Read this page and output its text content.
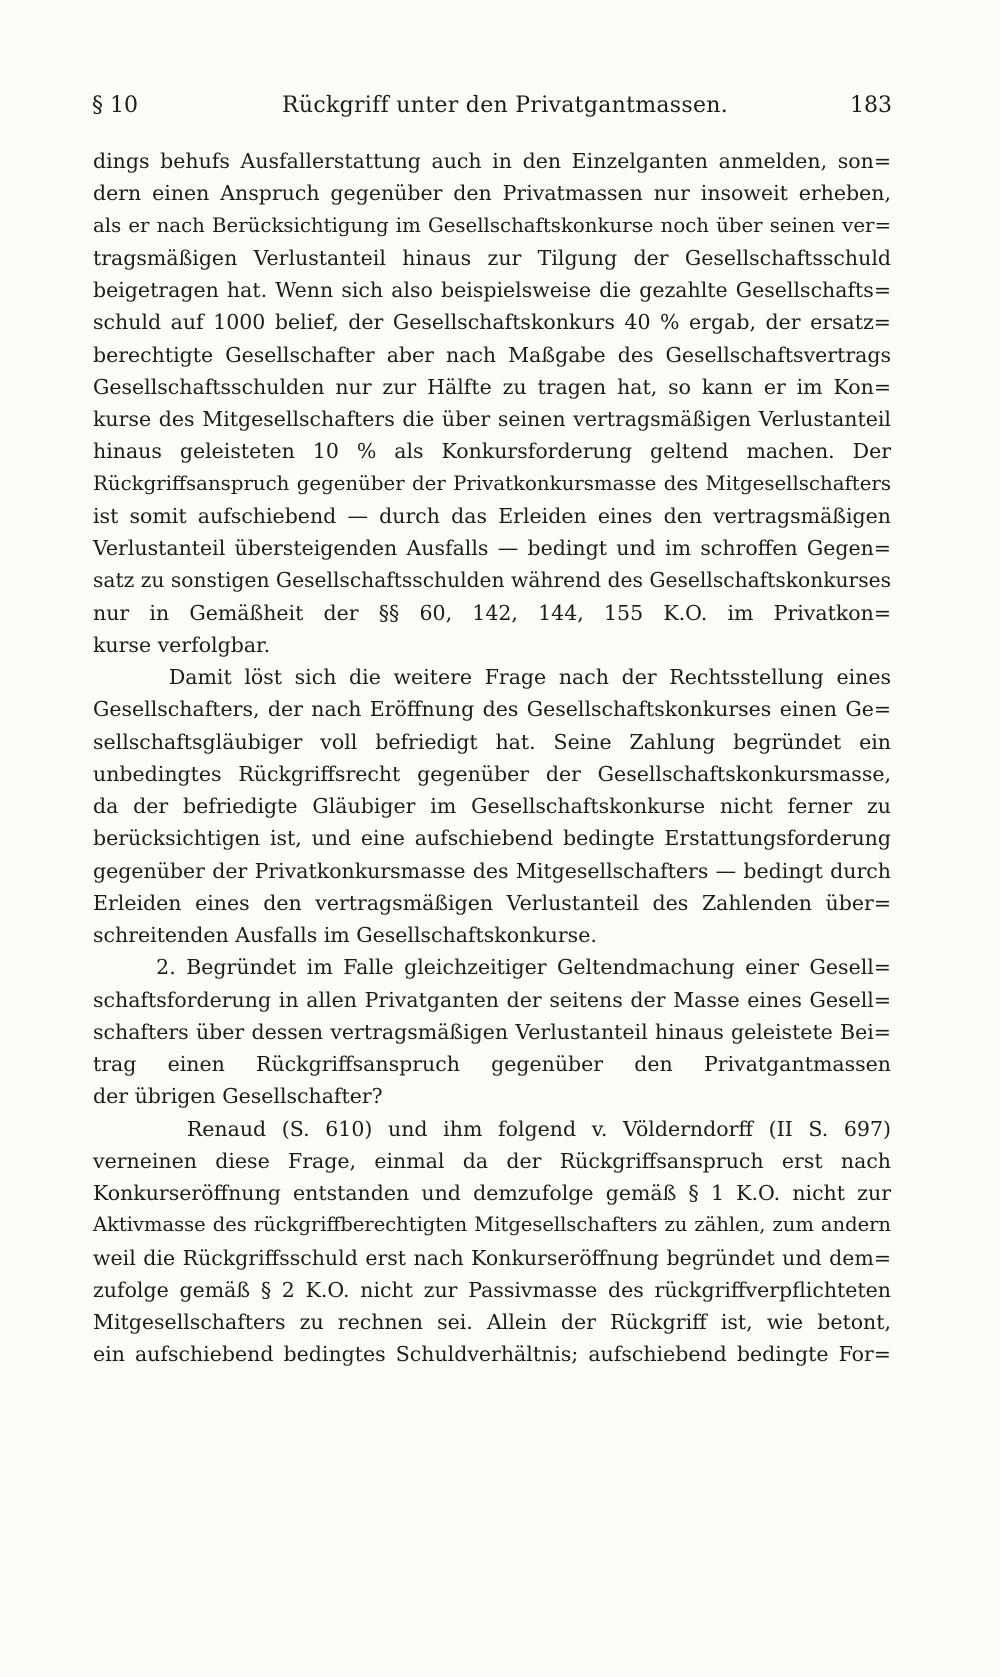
§ 10	Rückgriff unter den Privatgantmassen.	183
dings behufs Ausfallerstattung auch in den Einzelganten anmelden, son=
dern einen Anspruch gegenüber den Privatmassen nur insoweit erheben,
als er nach Berücksichtigung im Gesellschaftskonkurse noch über seinen ver=
tragsmäßigen Verlustanteil hinaus zur Tilgung der Gesellschaftsschuld
beigetragen hat. Wenn sich also beispielsweise die gezahlte Gesellschafts=
schuld auf 1000 belief, der Gesellschaftskonkurs 40 % ergab, der ersatz=
berechtigte Gesellschafter aber nach Maßgabe des Gesellschaftsvertrags
Gesellschaftsschulden nur zur Hälfte zu tragen hat, so kann er im Kon=
kurse des Mitgesellschafters die über seinen vertragsmäßigen Verlustanteil
hinaus geleisteten 10 % als Konkursforderung geltend machen. Der
Rückgriffsanspruch gegenüber der Privatkonkursmasse des Mitgesellschafters
ist somit aufschiebend — durch das Erleiden eines den vertragsmäßigen
Verlustanteil übersteigenden Ausfalls — bedingt und im schroffen Gegen=
satz zu sonstigen Gesellschaftsschulden während des Gesellschaftskonkurses
nur in Gemäßheit der §§ 60, 142, 144, 155 K.O. im Privatkon=
kurse verfolgbar.
Damit löst sich die weitere Frage nach der Rechtsstellung eines
Gesellschafters, der nach Eröffnung des Gesellschaftskonkurses einen Ge=
sellschaftsgläubiger voll befriedigt hat. Seine Zahlung begründet ein
unbedingtes Rückgriffsrecht gegenüber der Gesellschaftskonkursmasse,
da der befriedigte Gläubiger im Gesellschaftskonkurse nicht ferner zu
berücksichtigen ist, und eine aufschiebend bedingte Erstattungsforderung
gegenüber der Privatkonkursmasse des Mitgesellschafters — bedingt durch
Erleiden eines den vertragsmäßigen Verlustanteil des Zahlenden über=
schreitenden Ausfalls im Gesellschaftskonkurse.
2. Begründet im Falle gleichzeitiger Geltendmachung einer Gesell=
schaftsforderung in allen Privatganten der seitens der Masse eines Gesell=
schafters über dessen vertragsmäßigen Verlustanteil hinaus geleistete Bei=
trag einen Rückgriffsanspruch gegenüber den Privatgantmassen
der übrigen Gesellschafter?
Renaud (S. 610) und ihm folgend v. Völderndorff (II S. 697)
verneinen diese Frage, einmal da der Rückgriffsanspruch erst nach
Konkurseröffnung entstanden und demzufolge gemäß § 1 K.O. nicht zur
Aktivmasse des rückgriffberechtigten Mitgesellschafters zu zählen, zum andern
weil die Rückgriffsschuld erst nach Konkurseröffnung begründet und dem=
zufolge gemäß § 2 K.O. nicht zur Passivmasse des rückgriffverpflichteten
Mitgesellschafters zu rechnen sei. Allein der Rückgriff ist, wie betont,
ein aufschiebend bedingtes Schuldverhältnis; aufschiebend bedingte For=
